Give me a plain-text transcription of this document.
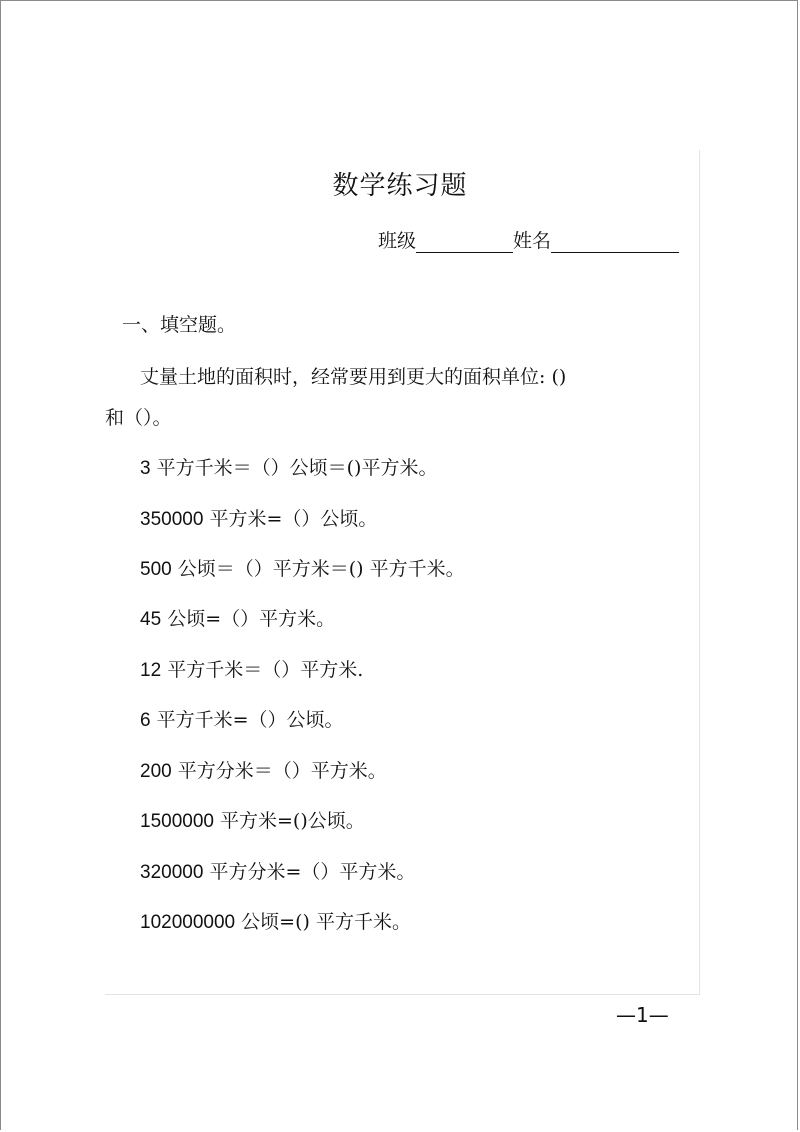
数学练习题
班级	姓名
一、填空题。
丈量土地的面积时，经常要用到更大的面积单位: ()
和（）。
3 平方千米＝（）公顷＝()平方米。
350000 平方米=（）公顷。
500 公顷＝（）平方米＝() 平方千米。
45 公顷=（）平方米。
12 平方千米＝（）平方米.
6 平方千米=（）公顷。
200 平方分米＝（）平方米。
1500000 平方米=()公顷。
320000 平方分米=（）平方米。
102000000 公顷=() 平方千米。
—1—
